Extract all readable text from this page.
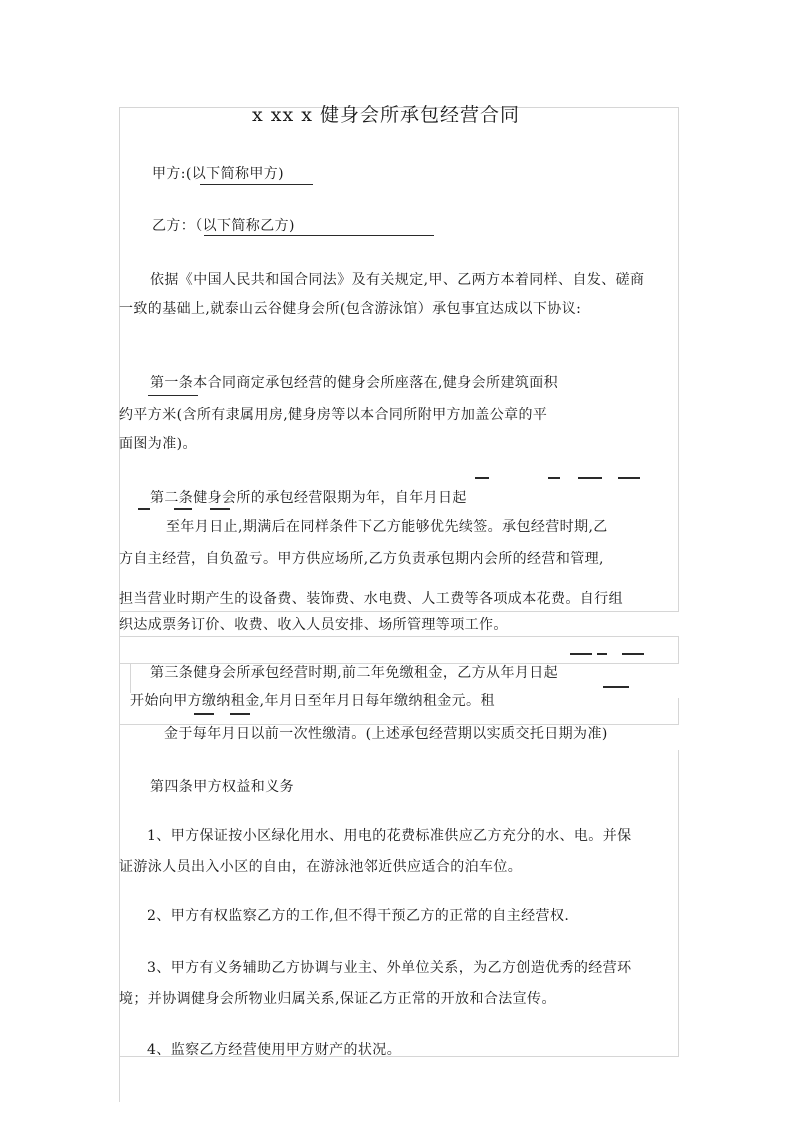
x xx x 健身会所承包经营合同
甲方:(以下简称甲方)
乙方：（以下简称乙方)
依据《中国人民共和国合同法》及有关规定,甲、乙两方本着同样、自发、磋商
一致的基础上,就泰山云谷健身会所(包含游泳馆）承包事宜达成以下协议:
第一条本合同商定承包经营的健身会所座落在,健身会所建筑面积
约平方米(含所有隶属用房,健身房等以本合同所附甲方加盖公章的平
面图为准)。
第二条健身会所的承包经营限期为年，自年月日起
至年月日止,期满后在同样条件下乙方能够优先续签。承包经营时期,乙
方自主经营，自负盈亏。甲方供应场所,乙方负责承包期内会所的经营和管理,
担当营业时期产生的设备费、装饰费、水电费、人工费等各项成本花费。自行组
织达成票务订价、收费、收入人员安排、场所管理等项工作。
第三条健身会所承包经营时期,前二年免缴租金，乙方从年月日起
开始向甲方缴纳租金,年月日至年月日每年缴纳租金元。租
金于每年月日以前一次性缴清。(上述承包经营期以实质交托日期为准)
第四条甲方权益和义务
1、甲方保证按小区绿化用水、用电的花费标准供应乙方充分的水、电。并保
证游泳人员出入小区的自由，在游泳池邻近供应适合的泊车位。
2、甲方有权监察乙方的工作,但不得干预乙方的正常的自主经营权.
3、甲方有义务辅助乙方协调与业主、外单位关系，为乙方创造优秀的经营环
境；并协调健身会所物业归属关系,保证乙方正常的开放和合法宣传。
4、监察乙方经营使用甲方财产的状况。
